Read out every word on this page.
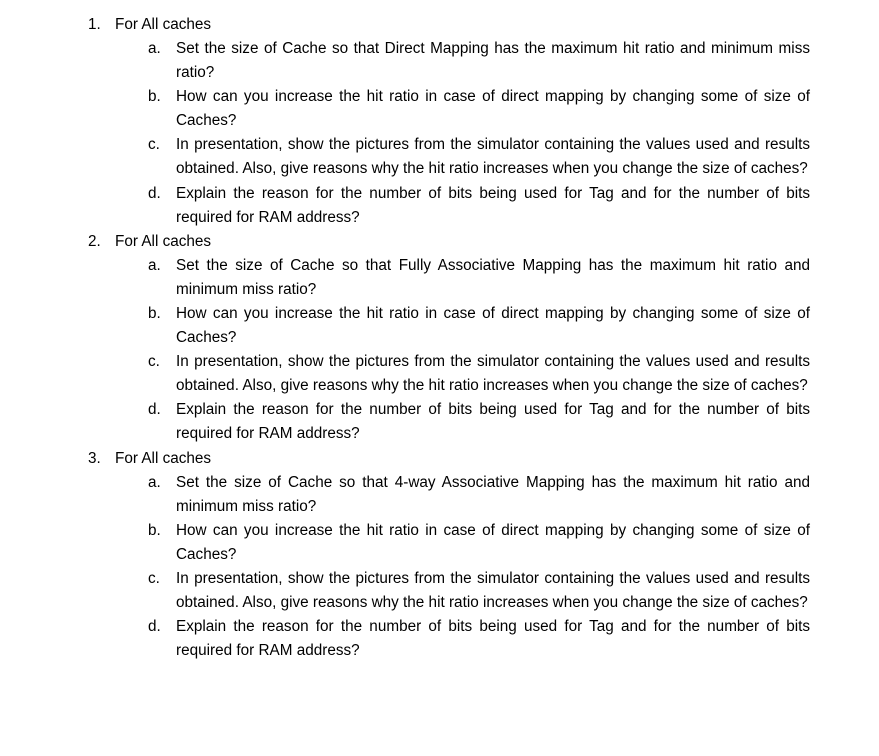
1. For All caches
a. Set the size of Cache so that Direct Mapping has the maximum hit ratio and minimum miss ratio?
b. How can you increase the hit ratio in case of direct mapping by changing some of size of Caches?
c.	In presentation, show the pictures from the simulator containing the values used and results obtained. Also, give reasons why the hit ratio increases when you change the size of caches?
d. Explain the reason for the number of bits being used for Tag and for the number of bits required for RAM address?
2. For All caches
a. Set the size of Cache so that Fully Associative Mapping has the maximum hit ratio and minimum miss ratio?
b. How can you increase the hit ratio in case of direct mapping by changing some of size of Caches?
c.	In presentation, show the pictures from the simulator containing the values used and results obtained. Also, give reasons why the hit ratio increases when you change the size of caches?
d. Explain the reason for the number of bits being used for Tag and for the number of bits required for RAM address?
3. For All caches
a. Set the size of Cache so that 4-way Associative Mapping has the maximum hit ratio and minimum miss ratio?
b. How can you increase the hit ratio in case of direct mapping by changing some of size of Caches?
c.	In presentation, show the pictures from the simulator containing the values used and results obtained. Also, give reasons why the hit ratio increases when you change the size of caches?
d. Explain the reason for the number of bits being used for Tag and for the number of bits required for RAM address?
